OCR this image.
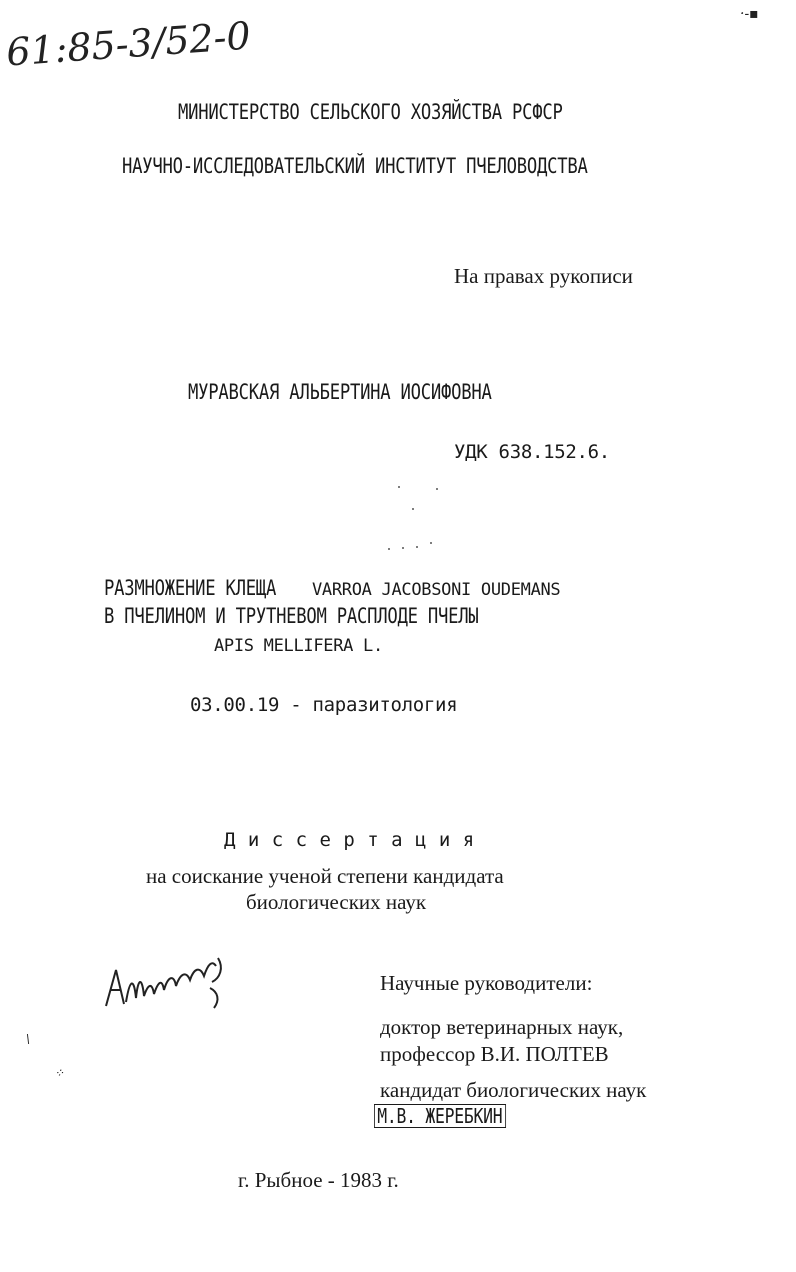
61:85-3/52-0	·-▪
МИНИСТЕРСТВО СЕЛЬСКОГО ХОЗЯЙСТВА РСФСР
НАУЧНО-ИССЛЕДОВАТЕЛЬСКИЙ ИНСТИТУТ ПЧЕЛОВОДСТВА
На правах рукописи
МУРАВСКАЯ АЛЬБЕРТИНА ИОСИФОВНА
УДК 638.152.6.
РАЗМНОЖЕНИЕ КЛЕЩА VARROA JACOBSONI OUDEMANS
В ПЧЕЛИНОМ И ТРУТНЕВОМ РАСПЛОДЕ ПЧЕЛЫ
APIS MELLIFERA L.
03.00.19 - паразитология
Д и с с е р т а ц и я
на соискание ученой степени кандидата
биологических наук
Научные руководители:
доктор ветеринарных наук,
профессор В.И. ПОЛТЕВ
кандидат биологических наук
М.В. ЖЕРЕБКИН
\
⁘
г. Рыбное - 1983 г.
